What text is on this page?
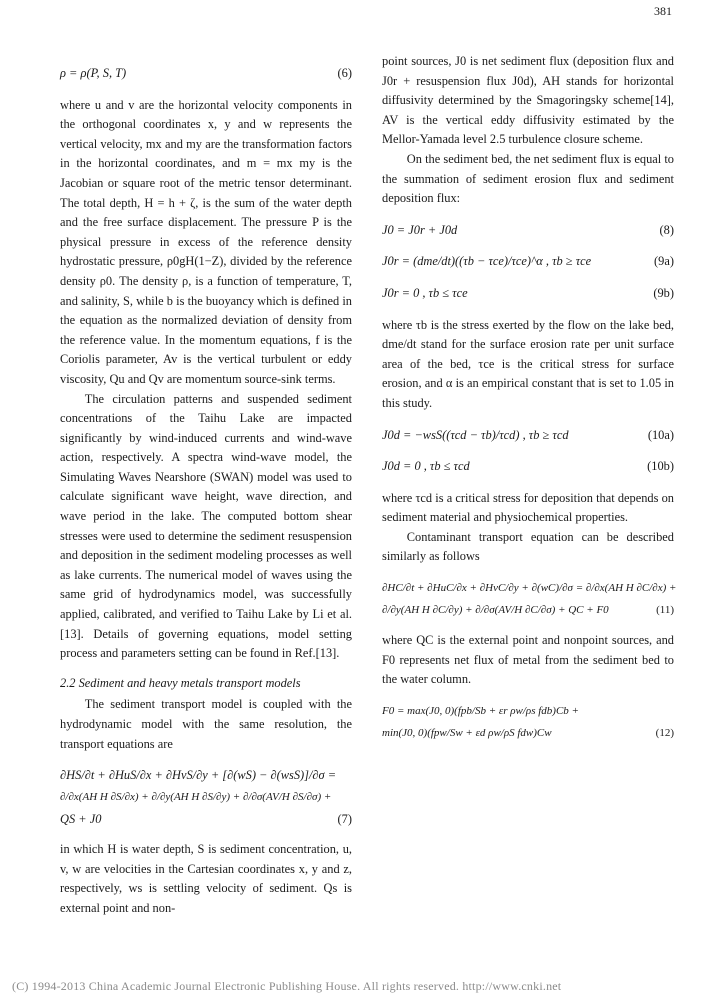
381
ρ = ρ(P, S, T)	(6)

where u and v are the horizontal velocity components in the orthogonal coordinates x, y and w represents the vertical velocity, mx and my are the transformation factors in the horizontal coordinates, and m = mx my is the Jacobian or square root of the metric tensor determinant. The total depth, H = h + ζ, is the sum of the water depth and the free surface displacement. The pressure P is the physical pressure in excess of the reference density hydrostatic pressure, ρ0gH(1−Z), divided by the reference density ρ0. The density ρ, is a function of temperature, T, and salinity, S, while b is the buoyancy which is defined in the equation as the normalized deviation of density from the reference value. In the momentum equations, f is the Coriolis parameter, Av is the vertical turbulent or eddy viscosity, Qu and Qv are momentum source-sink terms.

The circulation patterns and suspended sediment concentrations of the Taihu Lake are impacted significantly by wind-induced currents and wind-wave action, respectively. A spectra wind-wave model, the Simulating Waves Nearshore (SWAN) model was used to calculate significant wave height, wave direction, and wave period in the lake. The computed bottom shear stresses were used to determine the sediment resuspension and deposition in the sediment modeling processes as well as lake currents. The numerical model of waves using the same grid of hydrodynamics model, was successfully applied, calibrated, and verified to Taihu Lake by Li et al.[13]. Details of governing equations, model setting process and parameters setting can be found in Ref.[13].

2.2 Sediment and heavy metals transport models

The sediment transport model is coupled with the hydrodynamic model with the same resolution, the transport equations are

∂HS/∂t + ∂HuS/∂x + ∂HvS/∂y + [∂(wS) − ∂(wsS)]/∂σ =
∂/∂x(AH H ∂S/∂x) + ∂/∂y(AH H ∂S/∂y) + ∂/∂σ(AV/H ∂S/∂σ) +
QS + J0	(7)

in which H is water depth, S is sediment concentration, u, v, w are velocities in the Cartesian coordinates x, y and z, respectively, ws is settling velocity of sediment. Qs is external point and non-

point sources, J0 is net sediment flux (deposition flux and J0r + resuspension flux J0d), AH stands for horizontal diffusivity determined by the Smagoringsky scheme[14], AV is the vertical eddy diffusivity estimated by the Mellor-Yamada level 2.5 turbulence closure scheme.

On the sediment bed, the net sediment flux is equal to the summation of sediment erosion flux and sediment deposition flux:

J0 = J0r + J0d	(8)
J0r = (dme/dt)((τb − τce)/τce)^α , τb ≥ τce	(9a)
J0r = 0 , τb ≤ τce	(9b)

where τb is the stress exerted by the flow on the lake bed, dme/dt stand for the surface erosion rate per unit surface area of the bed, τce is the critical stress for surface erosion, and α is an empirical constant that is set to 1.05 in this study.

J0d = −wsS((τcd − τb)/τcd) , τb ≥ τcd	(10a)
J0d = 0 , τb ≤ τcd	(10b)

where τcd is a critical stress for deposition that depends on sediment material and physiochemical properties.

Contaminant transport equation can be described similarly as follows

∂HC/∂t + ∂HuC/∂x + ∂HvC/∂y + ∂(wC)/∂σ = ∂/∂x(AH H ∂C/∂x) +
∂/∂y(AH H ∂C/∂y) + ∂/∂σ(AV/H ∂C/∂σ) + QC + F0	(11)

where QC is the external point and nonpoint sources, and F0 represents net flux of metal from the sediment bed to the water column.

F0 = max(J0, 0)(fpb/Sb + εr ρw/ρs fdb)Cb +
min(J0, 0)(fpw/Sw + εd ρw/ρS fdw)Cw	(12)
(C) 1994-2013 China Academic Journal Electronic Publishing House. All rights reserved. http://www.cnki.net
